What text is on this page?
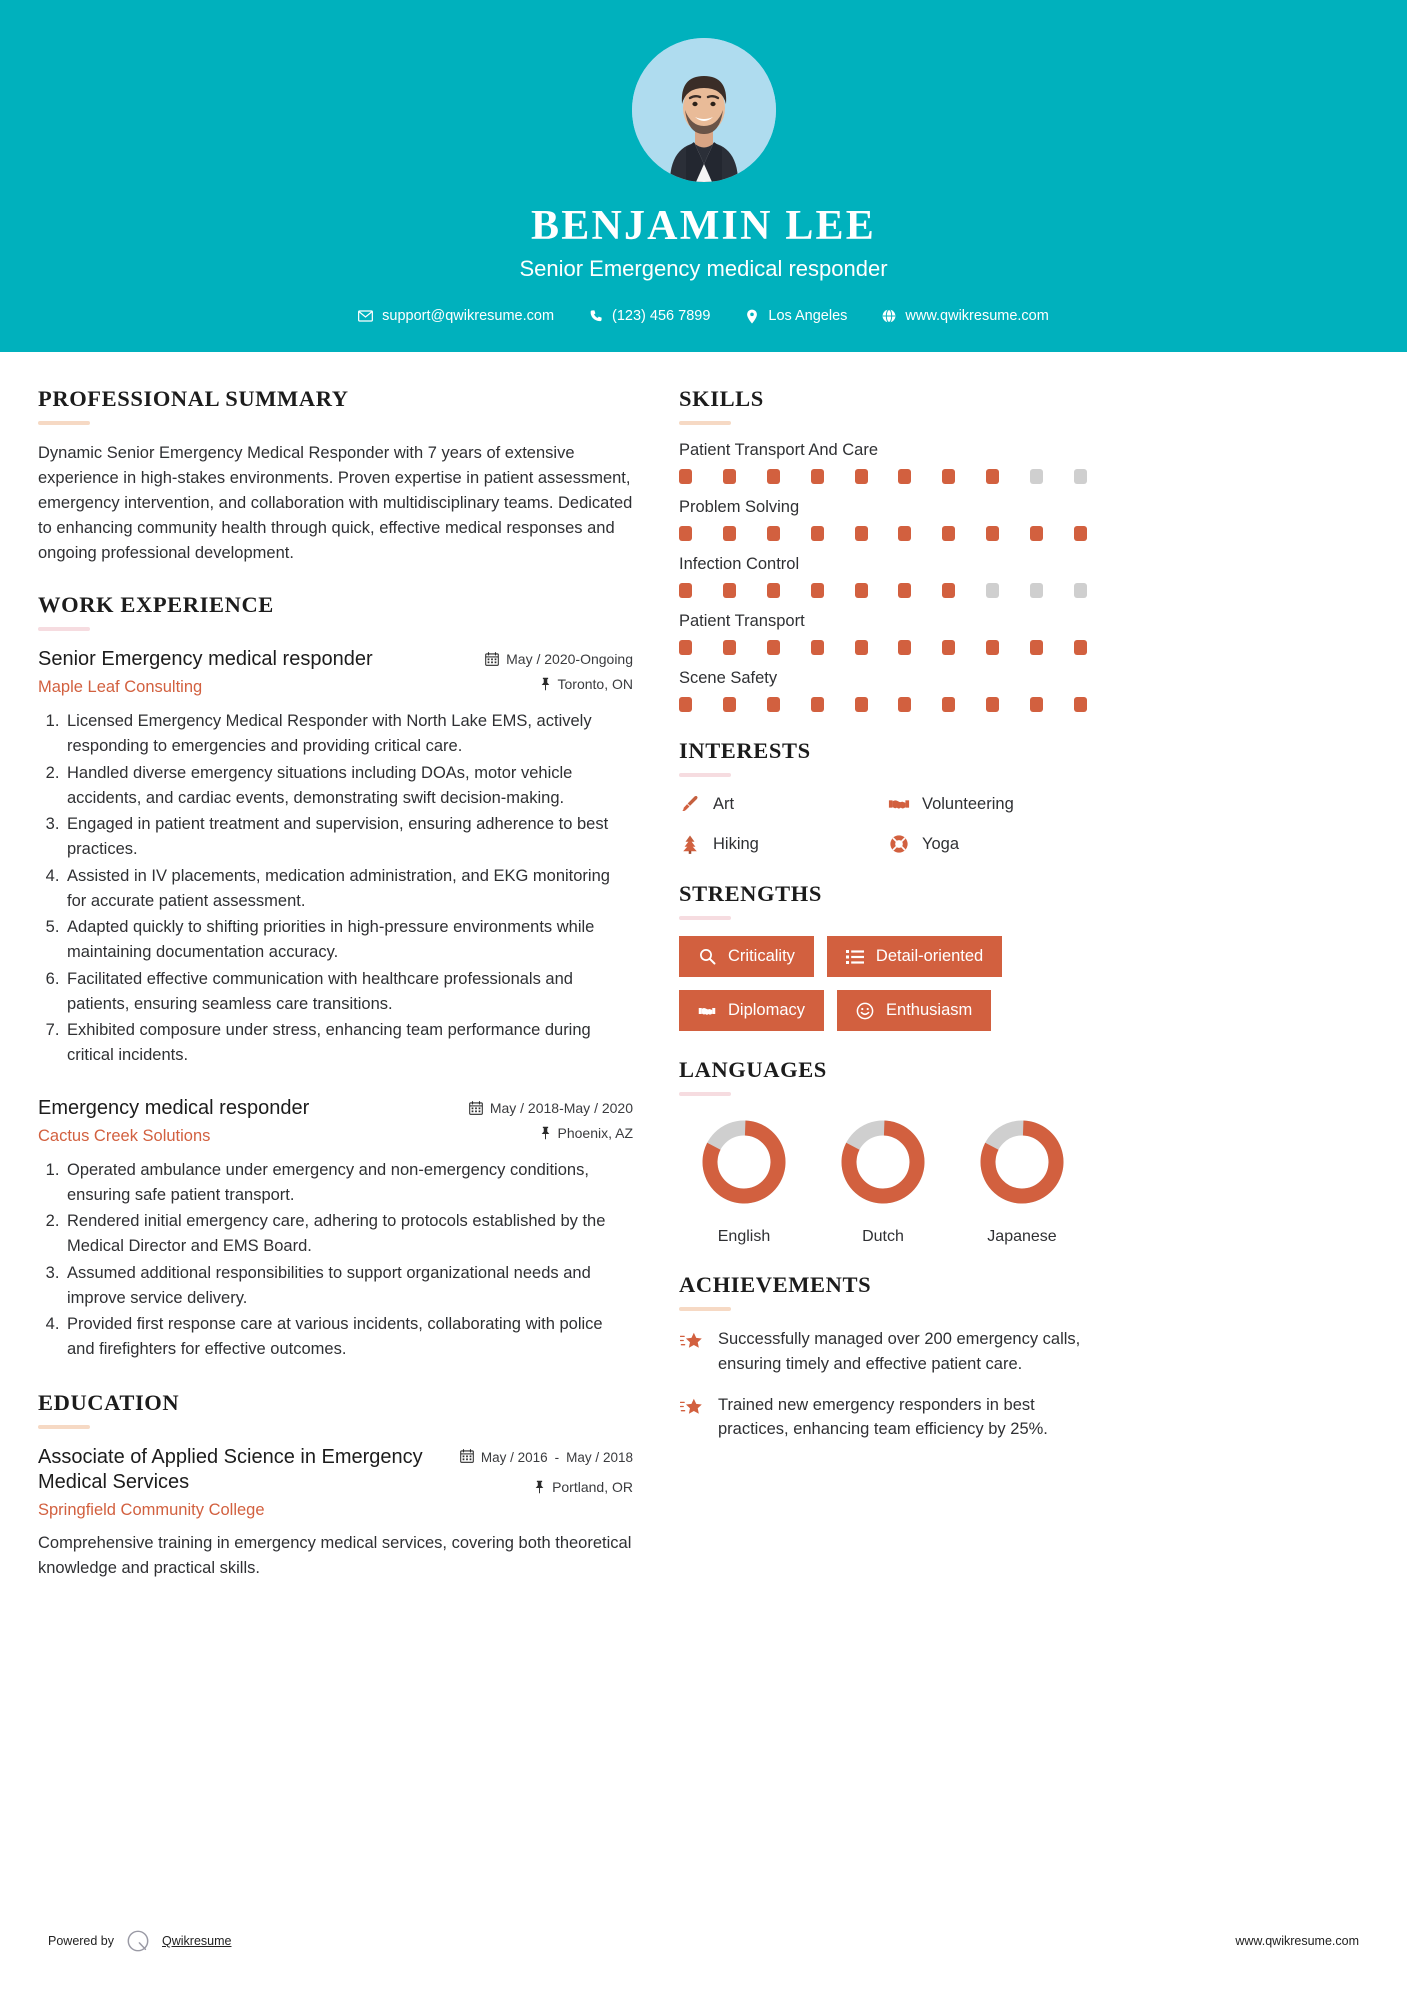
BENJAMIN LEE
Senior Emergency medical responder
support@qwikresume.com	(123) 456 7899	Los Angeles	www.qwikresume.com
PROFESSIONAL SUMMARY
Dynamic Senior Emergency Medical Responder with 7 years of extensive experience in high-stakes environments. Proven expertise in patient assessment, emergency intervention, and collaboration with multidisciplinary teams. Dedicated to enhancing community health through quick, effective medical responses and ongoing professional development.
WORK EXPERIENCE
Senior Emergency medical responder
Maple Leaf Consulting
May / 2020-Ongoing
Toronto, ON
1. Licensed Emergency Medical Responder with North Lake EMS, actively responding to emergencies and providing critical care.
2. Handled diverse emergency situations including DOAs, motor vehicle accidents, and cardiac events, demonstrating swift decision-making.
3. Engaged in patient treatment and supervision, ensuring adherence to best practices.
4. Assisted in IV placements, medication administration, and EKG monitoring for accurate patient assessment.
5. Adapted quickly to shifting priorities in high-pressure environments while maintaining documentation accuracy.
6. Facilitated effective communication with healthcare professionals and patients, ensuring seamless care transitions.
7. Exhibited composure under stress, enhancing team performance during critical incidents.
Emergency medical responder
Cactus Creek Solutions
May / 2018-May / 2020
Phoenix, AZ
1. Operated ambulance under emergency and non-emergency conditions, ensuring safe patient transport.
2. Rendered initial emergency care, adhering to protocols established by the Medical Director and EMS Board.
3. Assumed additional responsibilities to support organizational needs and improve service delivery.
4. Provided first response care at various incidents, collaborating with police and firefighters for effective outcomes.
EDUCATION
Associate of Applied Science in Emergency Medical Services
Springfield Community College
May / 2016 - May / 2018
Portland, OR
Comprehensive training in emergency medical services, covering both theoretical knowledge and practical skills.
SKILLS
Patient Transport And Care
Problem Solving
Infection Control
Patient Transport
Scene Safety
INTERESTS
Art	Volunteering
Hiking	Yoga
STRENGTHS
Criticality	Detail-oriented
Diplomacy	Enthusiasm
LANGUAGES
English	Dutch	Japanese
ACHIEVEMENTS
Successfully managed over 200 emergency calls, ensuring timely and effective patient care.
Trained new emergency responders in best practices, enhancing team efficiency by 25%.
Powered by	Qwikresume	www.qwikresume.com
